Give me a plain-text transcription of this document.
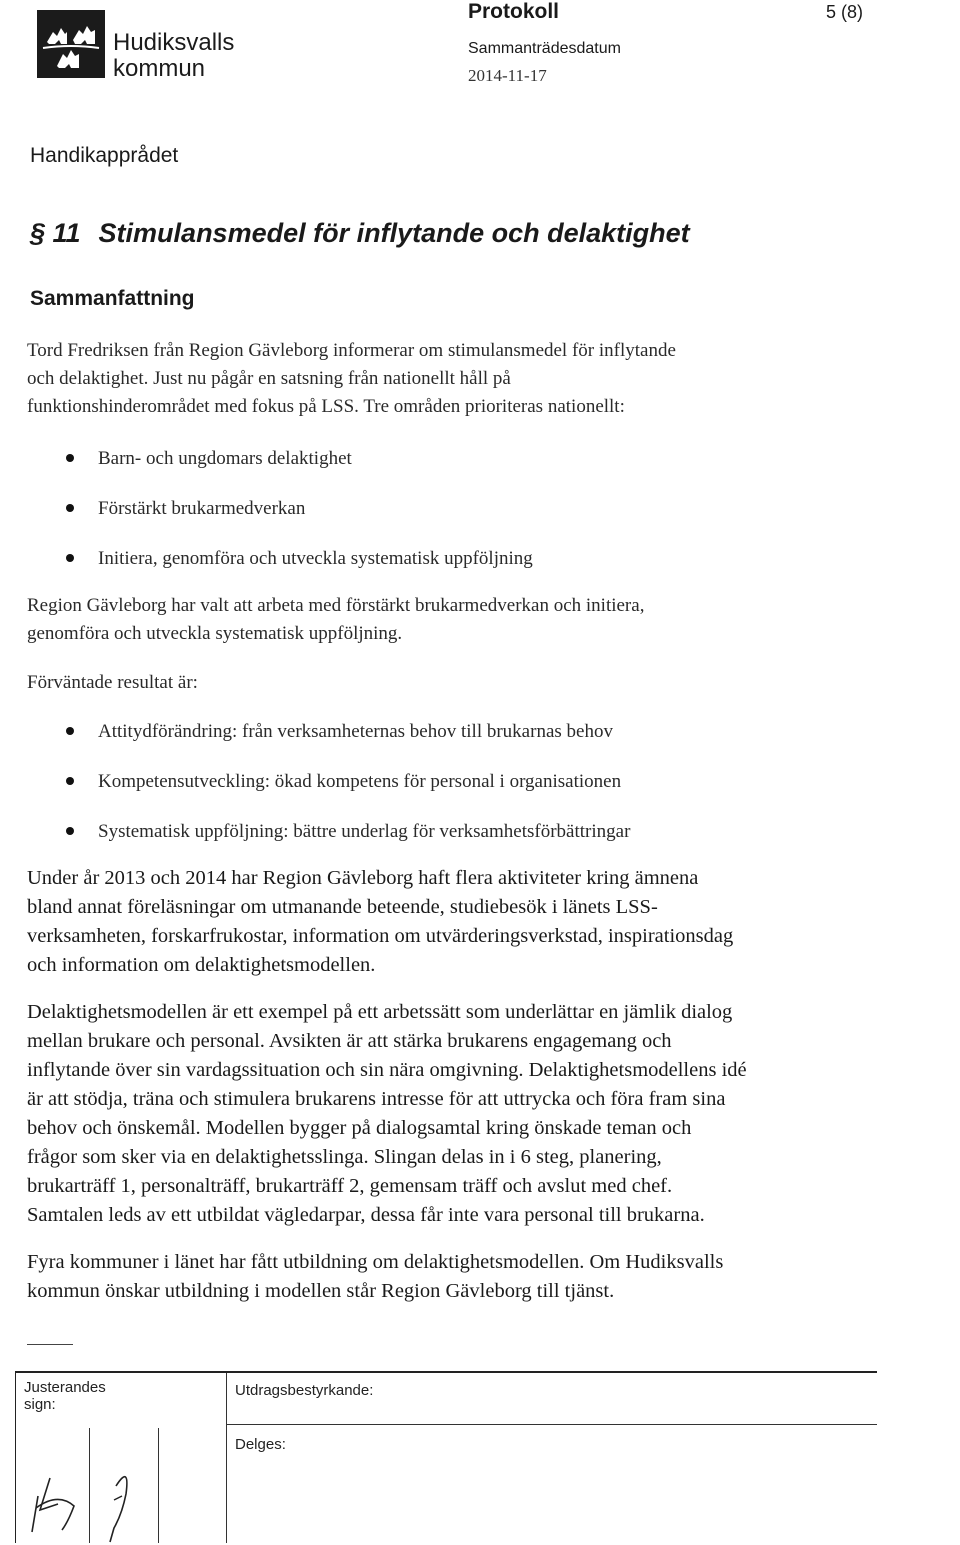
Hudiksvalls
kommun
Protokoll	5 (8)
Sammanträdesdatum
2014-11-17
Handikapprådet
§ 11 Stimulansmedel för inflytande och delaktighet
Sammanfattning
Tord Fredriksen från Region Gävleborg informerar om stimulansmedel för inflytande
och delaktighet. Just nu pågår en satsning från nationellt håll på
funktionshinderområdet med fokus på LSS. Tre områden prioriteras nationellt:
Barn- och ungdomars delaktighet
Förstärkt brukarmedverkan
Initiera, genomföra och utveckla systematisk uppföljning
Region Gävleborg har valt att arbeta med förstärkt brukarmedverkan och initiera,
genomföra och utveckla systematisk uppföljning.
Förväntade resultat är:
Attitydförändring: från verksamheternas behov till brukarnas behov
Kompetensutveckling: ökad kompetens för personal i organisationen
Systematisk uppföljning: bättre underlag för verksamhetsförbättringar
Under år 2013 och 2014 har Region Gävleborg haft flera aktiviteter kring ämnena
bland annat föreläsningar om utmanande beteende, studiebesök i länets LSS-
verksamheten, forskarfrukostar, information om utvärderingsverkstad, inspirationsdag
och information om delaktighetsmodellen.
Delaktighetsmodellen är ett exempel på ett arbetssätt som underlättar en jämlik dialog
mellan brukare och personal. Avsikten är att stärka brukarens engagemang och
inflytande över sin vardagssituation och sin nära omgivning. Delaktighetsmodellens idé
är att stödja, träna och stimulera brukarens intresse för att uttrycka och föra fram sina
behov och önskemål. Modellen bygger på dialogsamtal kring önskade teman och
frågor som sker via en delaktighetsslinga. Slingan delas in i 6 steg, planering,
brukarträff 1, personalträff, brukarträff 2, gemensam träff och avslut med chef.
Samtalen leds av ett utbildat vägledarpar, dessa får inte vara personal till brukarna.
Fyra kommuner i länet har fått utbildning om delaktighetsmodellen. Om Hudiksvalls
kommun önskar utbildning i modellen står Region Gävleborg till tjänst.
Justerandes
sign:
Utdragsbestyrkande:
Delges:
